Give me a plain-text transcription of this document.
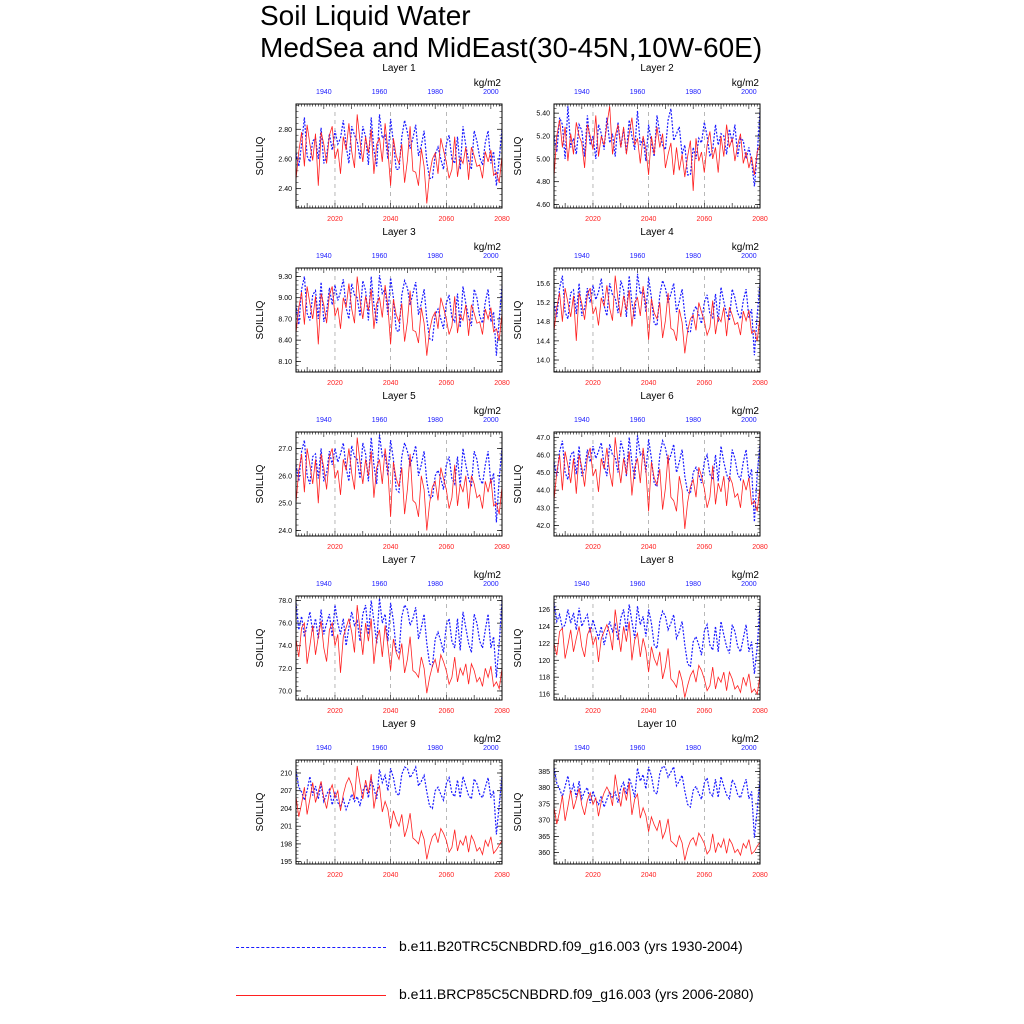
Soil Liquid Water
MedSea and MidEast(30-45N,10W-60E)
Layer 1
kg/m2
1940	1960	1980	2000
2020	2040	2060	2080
2.40
2.60
2.80
SOILLIQ
Layer 2
kg/m2
1940	1960	1980	2000
2020	2040	2060	2080
4.60
4.80
5.00
5.20
5.40
SOILLIQ
Layer 3
kg/m2
1940	1960	1980	2000
2020	2040	2060	2080
8.10
8.40
8.70
9.00
9.30
SOILLIQ
Layer 4
kg/m2
1940	1960	1980	2000
2020	2040	2060	2080
14.0
14.4
14.8
15.2
15.6
SOILLIQ
Layer 5
kg/m2
1940	1960	1980	2000
2020	2040	2060	2080
24.0
25.0
26.0
27.0
SOILLIQ
Layer 6
kg/m2
1940	1960	1980	2000
2020	2040	2060	2080
42.0
43.0
44.0
45.0
46.0
47.0
SOILLIQ
Layer 7
kg/m2
1940	1960	1980	2000
2020	2040	2060	2080
70.0
72.0
74.0
76.0
78.0
SOILLIQ
Layer 8
kg/m2
1940	1960	1980	2000
2020	2040	2060	2080
116
118
120
122
124
126
SOILLIQ
Layer 9
kg/m2
1940	1960	1980	2000
2020	2040	2060	2080
195
198
201
204
207
210
SOILLIQ
Layer 10
kg/m2
1940	1960	1980	2000
2020	2040	2060	2080
360
365
370
375
380
385
SOILLIQ
b.e11.B20TRC5CNBDRD.f09_g16.003 (yrs 1930-2004)
b.e11.BRCP85C5CNBDRD.f09_g16.003 (yrs 2006-2080)
